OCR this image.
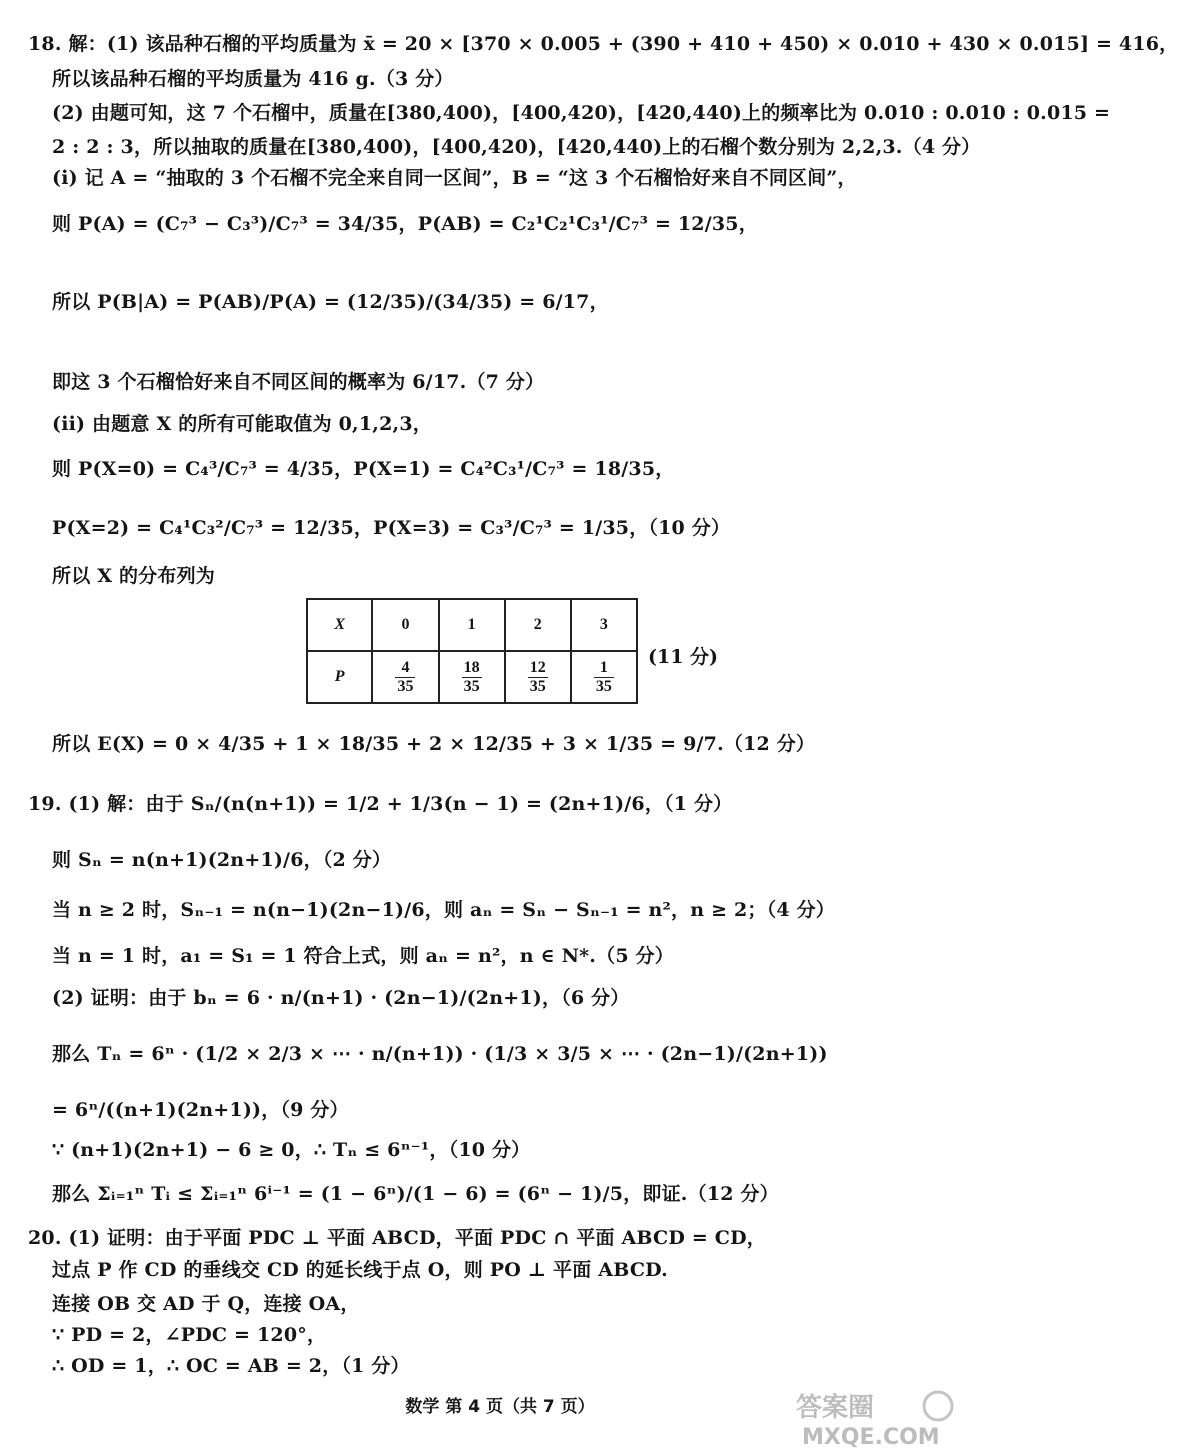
18. 解：(1) 该品种石榴的平均质量为 x̄ = 20 × [370 × 0.005 + (390 + 410 + 450) × 0.010 + 430 × 0.015] = 416，
所以该品种石榴的平均质量为 416 g.（3 分）
(2) 由题可知，这 7 个石榴中，质量在[380,400)，[400,420)，[420,440)上的频率比为 0.010 : 0.010 : 0.015 =
2 : 2 : 3，所以抽取的质量在[380,400)，[400,420)，[420,440)上的石榴个数分别为 2,2,3.（4 分）
(i) 记 A = “抽取的 3 个石榴不完全来自同一区间”，B = “这 3 个石榴恰好来自不同区间”，
则 P(A) = (C₇³ − C₃³)/C₇³ = 34/35，P(AB) = C₂¹C₂¹C₃¹/C₇³ = 12/35，
所以 P(B|A) = P(AB)/P(A) = (12/35)/(34/35) = 6/17，
即这 3 个石榴恰好来自不同区间的概率为 6/17.（7 分）
(ii) 由题意 X 的所有可能取值为 0,1,2,3，
则 P(X=0) = C₄³/C₇³ = 4/35，P(X=1) = C₄²C₃¹/C₇³ = 18/35，
P(X=2) = C₄¹C₃²/C₇³ = 12/35，P(X=3) = C₃³/C₇³ = 1/35，（10 分）
所以 X 的分布列为
X	0	1	2	3
P	$\frac{4}{35}$	$\frac{18}{35}$	$\frac{12}{35}$	$\frac{1}{35}$
(11 分)
所以 E(X) = 0 × 4/35 + 1 × 18/35 + 2 × 12/35 + 3 × 1/35 = 9/7.（12 分）
19. (1) 解：由于 Sₙ/(n(n+1)) = 1/2 + 1/3(n − 1) = (2n+1)/6，（1 分）
则 Sₙ = n(n+1)(2n+1)/6，（2 分）
当 n ≥ 2 时，Sₙ₋₁ = n(n−1)(2n−1)/6，则 aₙ = Sₙ − Sₙ₋₁ = n²，n ≥ 2；（4 分）
当 n = 1 时，a₁ = S₁ = 1 符合上式，则 aₙ = n²，n ∈ N*.（5 分）
(2) 证明：由于 bₙ = 6 · n/(n+1) · (2n−1)/(2n+1)，（6 分）
那么 Tₙ = 6ⁿ · (1/2 × 2/3 × ⋯ · n/(n+1)) · (1/3 × 3/5 × ⋯ · (2n−1)/(2n+1))
= 6ⁿ/((n+1)(2n+1))，（9 分）
∵ (n+1)(2n+1) − 6 ≥ 0，∴ Tₙ ≤ 6ⁿ⁻¹，（10 分）
那么 Σᵢ₌₁ⁿ Tᵢ ≤ Σᵢ₌₁ⁿ 6ⁱ⁻¹ = (1 − 6ⁿ)/(1 − 6) = (6ⁿ − 1)/5，即证.（12 分）
20. (1) 证明：由于平面 PDC ⊥ 平面 ABCD，平面 PDC ∩ 平面 ABCD = CD，
过点 P 作 CD 的垂线交 CD 的延长线于点 O，则 PO ⊥ 平面 ABCD.
连接 OB 交 AD 于 Q，连接 OA，
∵ PD = 2，∠PDC = 120°，
∴ OD = 1，∴ OC = AB = 2，（1 分）
数学 第 4 页（共 7 页）	答案圈
MXQE.COM
